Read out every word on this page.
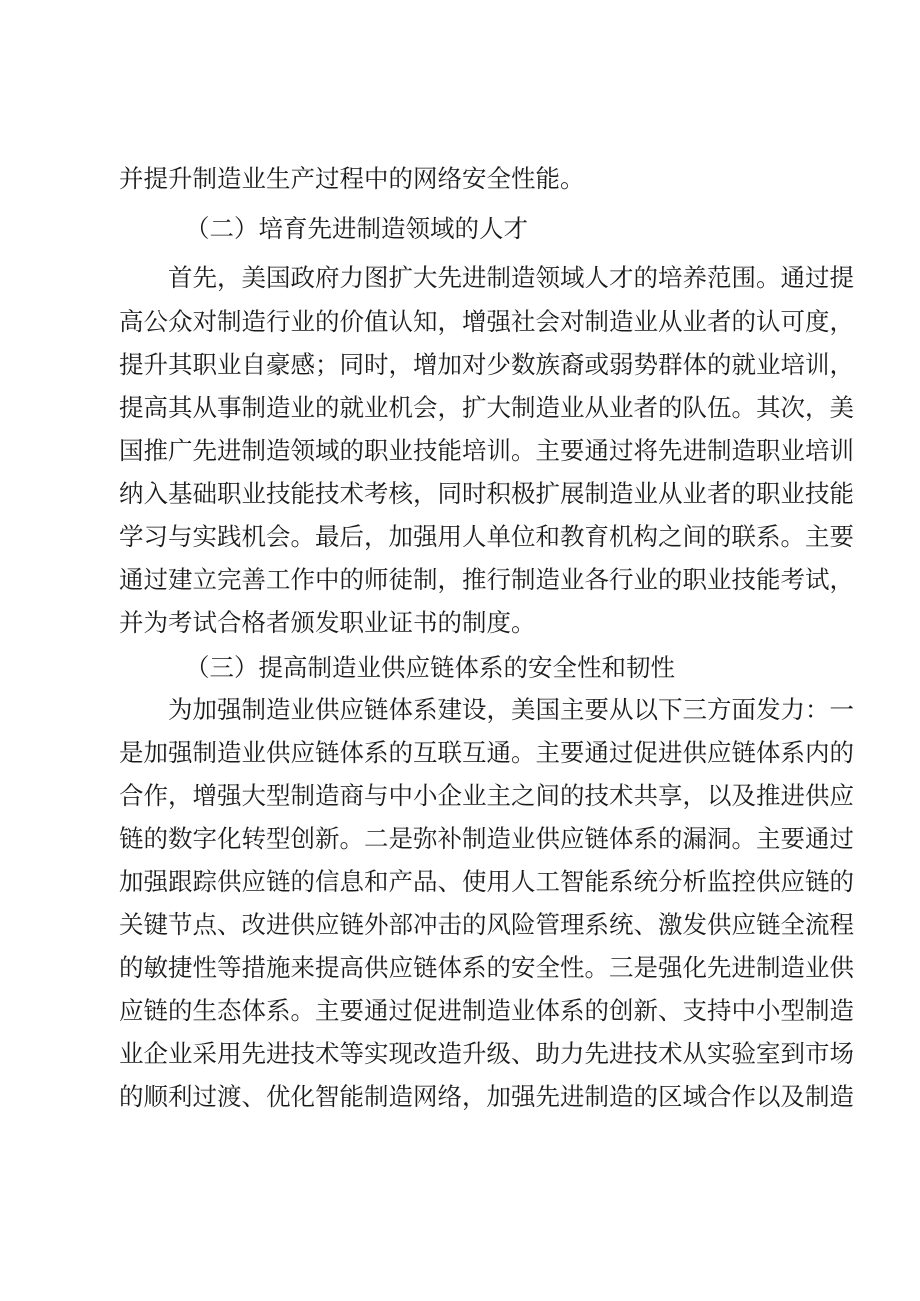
并提升制造业生产过程中的网络安全性能。
（二）培育先进制造领域的人才
首先，美国政府力图扩大先进制造领域人才的培养范围。通过提
高公众对制造行业的价值认知，增强社会对制造业从业者的认可度，
提升其职业自豪感；同时，增加对少数族裔或弱势群体的就业培训，
提高其从事制造业的就业机会，扩大制造业从业者的队伍。其次，美
国推广先进制造领域的职业技能培训。主要通过将先进制造职业培训
纳入基础职业技能技术考核，同时积极扩展制造业从业者的职业技能
学习与实践机会。最后，加强用人单位和教育机构之间的联系。主要
通过建立完善工作中的师徒制，推行制造业各行业的职业技能考试，
并为考试合格者颁发职业证书的制度。
（三）提高制造业供应链体系的安全性和韧性
为加强制造业供应链体系建设，美国主要从以下三方面发力：一
是加强制造业供应链体系的互联互通。主要通过促进供应链体系内的
合作，增强大型制造商与中小企业主之间的技术共享，以及推进供应
链的数字化转型创新。二是弥补制造业供应链体系的漏洞。主要通过
加强跟踪供应链的信息和产品、使用人工智能系统分析监控供应链的
关键节点、改进供应链外部冲击的风险管理系统、激发供应链全流程
的敏捷性等措施来提高供应链体系的安全性。三是强化先进制造业供
应链的生态体系。主要通过促进制造业体系的创新、支持中小型制造
业企业采用先进技术等实现改造升级、助力先进技术从实验室到市场
的顺利过渡、优化智能制造网络，加强先进制造的区域合作以及制造
